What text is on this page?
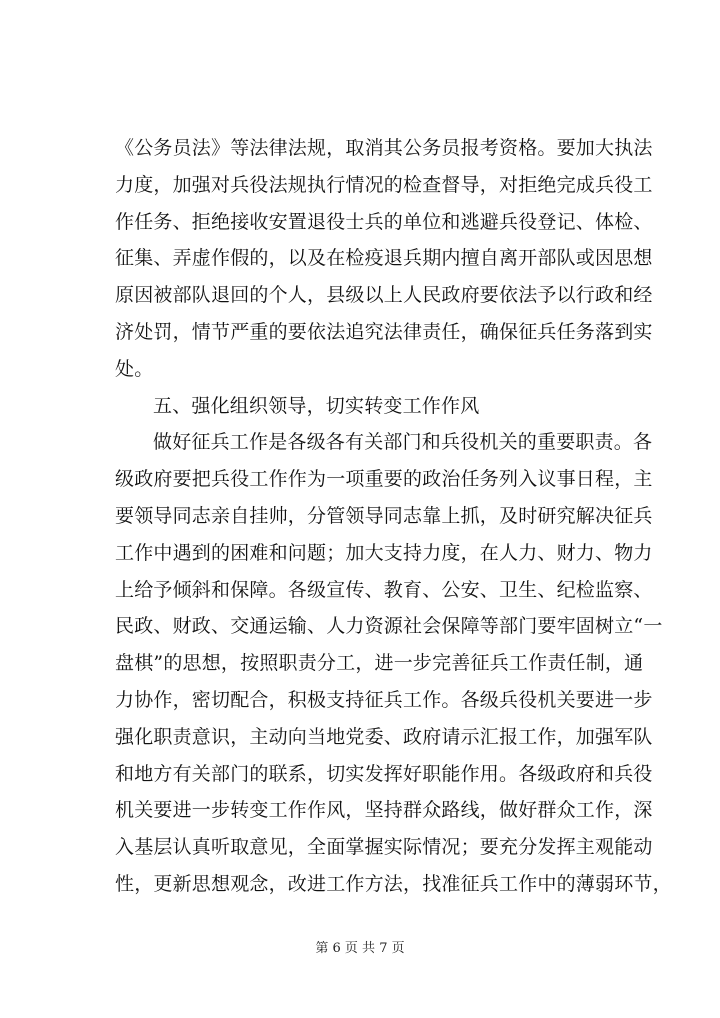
《公务员法》等法律法规，取消其公务员报考资格。要加大执法
力度，加强对兵役法规执行情况的检查督导，对拒绝完成兵役工
作任务、拒绝接收安置退役士兵的单位和逃避兵役登记、体检、
征集、弄虚作假的，以及在检疫退兵期内擅自离开部队或因思想
原因被部队退回的个人，县级以上人民政府要依法予以行政和经
济处罚，情节严重的要依法追究法律责任，确保征兵任务落到实
处。
五、强化组织领导，切实转变工作作风
做好征兵工作是各级各有关部门和兵役机关的重要职责。各
级政府要把兵役工作作为一项重要的政治任务列入议事日程，主
要领导同志亲自挂帅，分管领导同志靠上抓，及时研究解决征兵
工作中遇到的困难和问题；加大支持力度，在人力、财力、物力
上给予倾斜和保障。各级宣传、教育、公安、卫生、纪检监察、
民政、财政、交通运输、人力资源社会保障等部门要牢固树立“一
盘棋”的思想，按照职责分工，进一步完善征兵工作责任制，通
力协作，密切配合，积极支持征兵工作。各级兵役机关要进一步
强化职责意识，主动向当地党委、政府请示汇报工作，加强军队
和地方有关部门的联系，切实发挥好职能作用。各级政府和兵役
机关要进一步转变工作作风，坚持群众路线，做好群众工作，深
入基层认真听取意见，全面掌握实际情况；要充分发挥主观能动
性，更新思想观念，改进工作方法，找准征兵工作中的薄弱环节，
第 6 页 共 7 页
